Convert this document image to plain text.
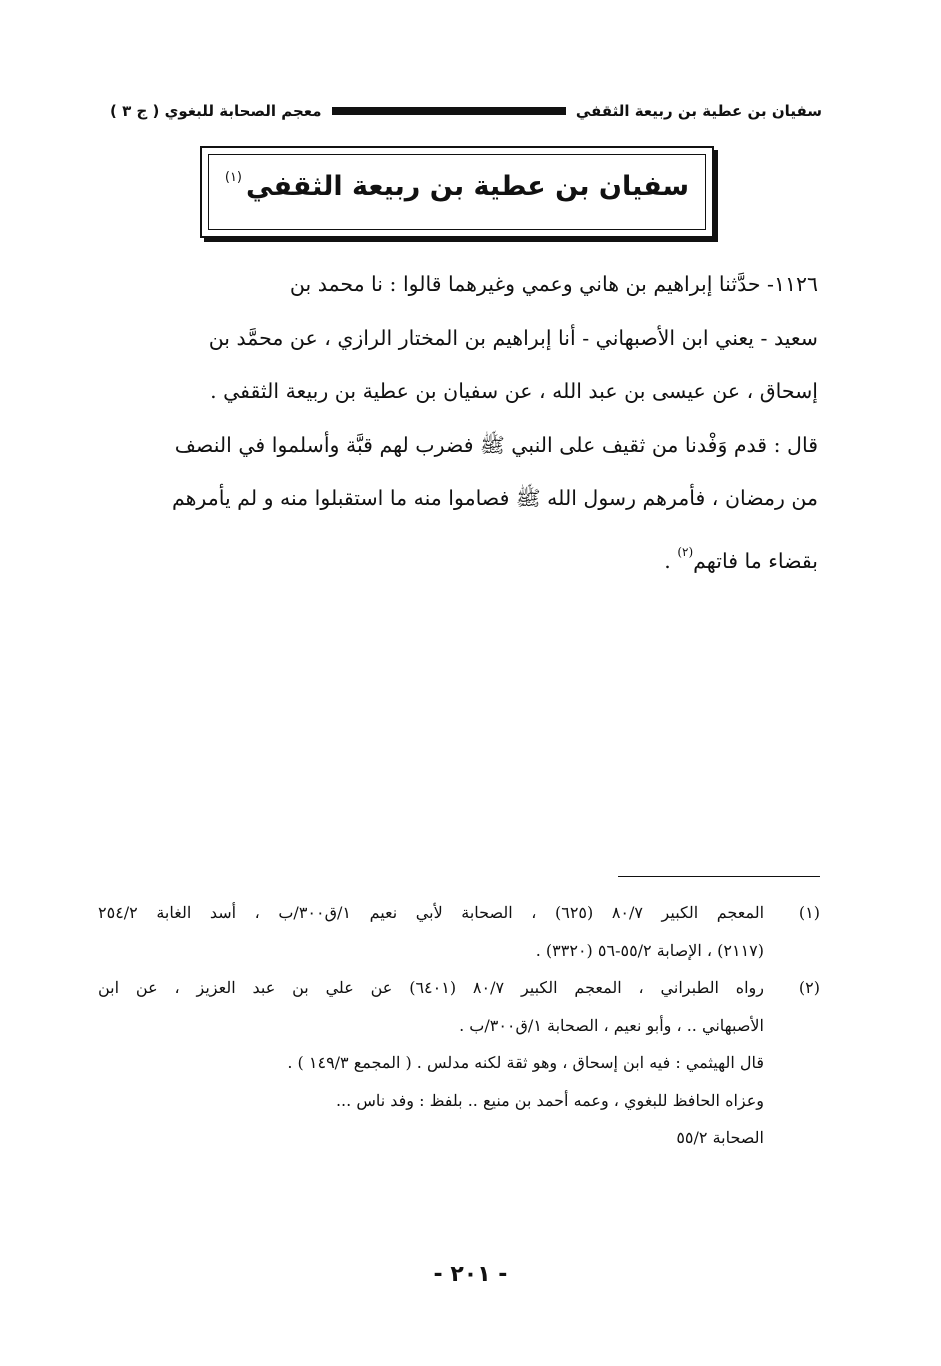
سفيان بن عطية بن ربيعة الثقفي
معجم الصحابة للبغوي ( ج ٣ )
سفيان بن عطية بن ربيعة الثقفي$^{(١)}$

١١٢٦- حدَّثنا إبراهيم بن هاني وعمي وغيرهما قالوا : نا محمد بن

سعيد - يعني ابن الأصبهاني - أنا إبراهيم بن المختار الرازي ، عن محمَّد بن

إسحاق ، عن عيسى بن عبد الله ، عن سفيان بن عطية بن ربيعة الثقفي .

قال : قدم وَفْدنا من ثقيف على النبي ﷺ فضرب لهم قبَّة وأسلموا في النصف

من رمضان ، فأمرهم رسول الله ﷺ فصاموا منه ما استقبلوا منه و لم يأمرهم

بقضاء ما فاتهم$^{(٢)}$ .

(١)
المعجم الكبير ٨٠/٧ (٦٢٥) ، الصحابة لأبي نعيم ١/ق٣٠٠/ب ، أسد الغابة ٢٥٤/٢
(٢١١٧) ، الإصابة ٥٥/٢-٥٦ (٣٣٢٠) .
(٢)
رواه الطبراني ، المعجم الكبير ٨٠/٧ (٦٤٠١) عن علي بن عبد العزيز ، عن ابن
الأصبهاني .. ، وأبو نعيم ، الصحابة ١/ق٣٠٠/ب .
قال الهيثمي : فيه ابن إسحاق ، وهو ثقة لكنه مدلس . ( المجمع ١٤٩/٣ ) .
وعزاه الحافظ للبغوي ، وعمه أحمد بن منيع .. بلفظ : وفد ناس ...
الصحابة ٥٥/٢
- ٢٠١ -
